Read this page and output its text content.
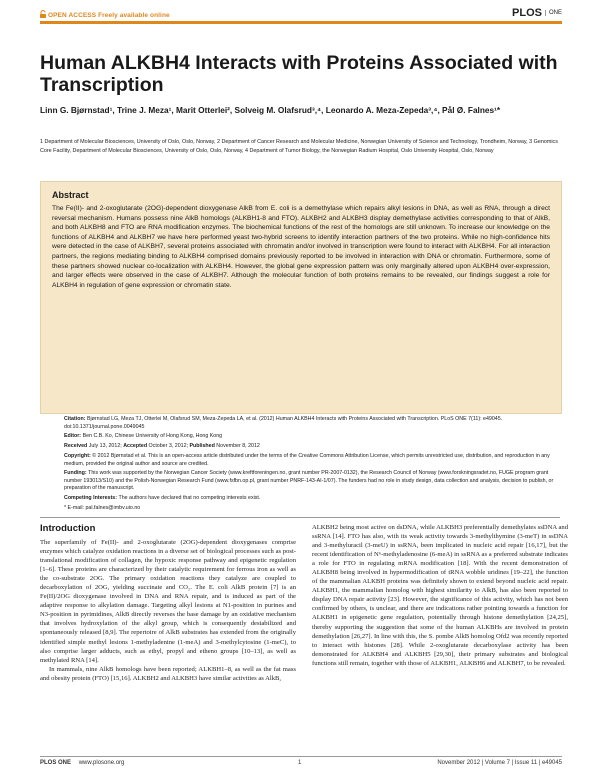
OPEN ACCESS Freely available online	PLOS ONE
Human ALKBH4 Interacts with Proteins Associated with Transcription
Linn G. Bjørnstad¹, Trine J. Meza¹, Marit Otterlei², Solveig M. Olafsrud³,⁴, Leonardo A. Meza-Zepeda³,⁴, Pål Ø. Falnes¹*
1 Department of Molecular Biosciences, University of Oslo, Oslo, Norway, 2 Department of Cancer Research and Molecular Medicine, Norwegian University of Science and Technology, Trondheim, Norway, 3 Genomics Core Facility, Department of Molecular Biosciences, University of Oslo, Oslo, Norway, 4 Department of Tumor Biology, the Norwegian Radium Hospital, Oslo University Hospital, Oslo, Norway
Abstract
The Fe(II)- and 2-oxoglutarate (2OG)-dependent dioxygenase AlkB from E. coli is a demethylase which repairs alkyl lesions in DNA, as well as RNA, through a direct reversal mechanism. Humans possess nine AlkB homologs (ALKBH1-8 and FTO). ALKBH2 and ALKBH3 display demethylase activities corresponding to that of AlkB, and both ALKBH8 and FTO are RNA modification enzymes. The biochemical functions of the rest of the homologs are still unknown. To increase our knowledge on the functions of ALKBH4 and ALKBH7 we have here performed yeast two-hybrid screens to identify interaction partners of the two proteins. While no high-confidence hits were detected in the case of ALKBH7, several proteins associated with chromatin and/or involved in transcription were found to interact with ALKBH4. For all interaction partners, the regions mediating binding to ALKBH4 comprised domains previously reported to be involved in interaction with DNA or chromatin. Furthermore, some of these partners showed nuclear co-localization with ALKBH4. However, the global gene expression pattern was only marginally altered upon ALKBH4 over-expression, and larger effects were observed in the case of ALKBH7. Although the molecular function of both proteins remains to be revealed, our findings suggest a role for ALKBH4 in regulation of gene expression or chromatin state.
Citation: Bjørnstad LG, Meza TJ, Otterlei M, Olafsrud SM, Meza-Zepeda LA, et al. (2012) Human ALKBH4 Interacts with Proteins Associated with Transcription. PLoS ONE 7(11): e49045. doi:10.1371/journal.pone.0049045
Editor: Ben C.B. Ko, Chinese University of Hong Kong, Hong Kong
Received July 13, 2012; Accepted October 3, 2012; Published November 8, 2012
Copyright: © 2012 Bjørnstad et al. This is an open-access article distributed under the terms of the Creative Commons Attribution License, which permits unrestricted use, distribution, and reproduction in any medium, provided the original author and source are credited.
Introduction

The superfamily of Fe(II)- and 2-oxoglutarate (2OG)-dependent dioxygenases comprise enzymes which catalyze oxidation reactions in a diverse set of biological processes such as post-translational modification of collagen, the hypoxic response pathway and epigenetic regulation [1–6]. These proteins are characterized by their catalytic requirement for ferrous iron as well as the co-substrate 2OG. The primary oxidation reactions they catalyze are coupled to decarboxylation of 2OG, yielding succinate and CO₂. The E. coli AlkB protein [7] is an Fe(II)/2OG dioxygenase involved in DNA and RNA repair, and is induced as part of the adaptive response to alkylation damage. Targeting alkyl lesions at N1-position in purines and N3-position in pyrimidines, AlkB directly reverses the base damage by an oxidative mechanism that involves hydroxylation of the alkyl group, which is consequently destabilized and spontaneously released [8,9]. The repertoire of AlkB substrates has extended from the originally identified simple methyl lesions 1-methyladenine (1-meA) and 3-methylcytosine (1-meC), to also comprise larger adducts, such as ethyl, propyl and etheno groups [10–13], as well as methylated RNA [14].

In mammals, nine AlkB homologs have been reported; ALKBH1–8, as well as the fat mass and obesity protein (FTO) [15,16]. ALKBH2 and ALKBH3 have similar activities as AlkB,

ALKBH2 being most active on dsDNA, while ALKBH3 preferentially demethylates ssDNA and ssRNA [14]. FTO has also, with its weak activity towards 3-methylthymine (3-meT) in ssDNA and 3-methyluracil (3-meU) in ssRNA, been implicated in nucleic acid repair [16,17], but the recent identification of N⁶-methyladenosine (6-meA) in ssRNA as a preferred substrate indicates a role for FTO in regulating mRNA modification [18]. With the recent demonstration of ALKBH8 being involved in hypermodification of tRNA wobble uridines [19–22], the function of the mammalian ALKBH proteins was definitely shown to extend beyond nucleic acid repair. ALKBH1, the mammalian homolog with highest similarity to AlkB, has also been reported to display DNA repair activity [23]. However, the significance of this activity, which has not been confirmed by others, is unclear, and there are indications rather pointing towards a function for ALKBH1 in epigenetic gene regulation, potentially through histone demethylation [24,25], thereby supporting the suggestion that some of the human ALKBHs are involved in protein demethylation [26,27]. In line with this, the S. pombe AlkB homolog Ofd2 was recently reported to interact with histones [28]. While 2-oxoglutarate decarboxylase activity has been demonstrated for ALKBH4 and ALKBH5 [29,30], their primary substrates and biological functions still remain, together with those of ALKBH1, ALKBH6 and ALKBH7, to be revealed.

PLOS ONE www.plosone.org	1	November 2012 | Volume 7 | Issue 11 | e49045
Funding: This work was supported by the Norwegian Cancer Society (www.kreftforeningen.no, grant number PR-2007-0132), the Research Council of Norway (www.forskningsradet.no, FUGE program grant number 193013/S10) and the Polish-Norwegian Research Fund (www.fsfbn.op.pl, grant number PNRF-143-AI-1/07). The funders had no role in study design, data collection and analysis, decision to publish, or preparation of the manuscript.
Competing Interests: The authors have declared that no competing interests exist.
* E-mail: pal.falnes@imbv.uio.no
